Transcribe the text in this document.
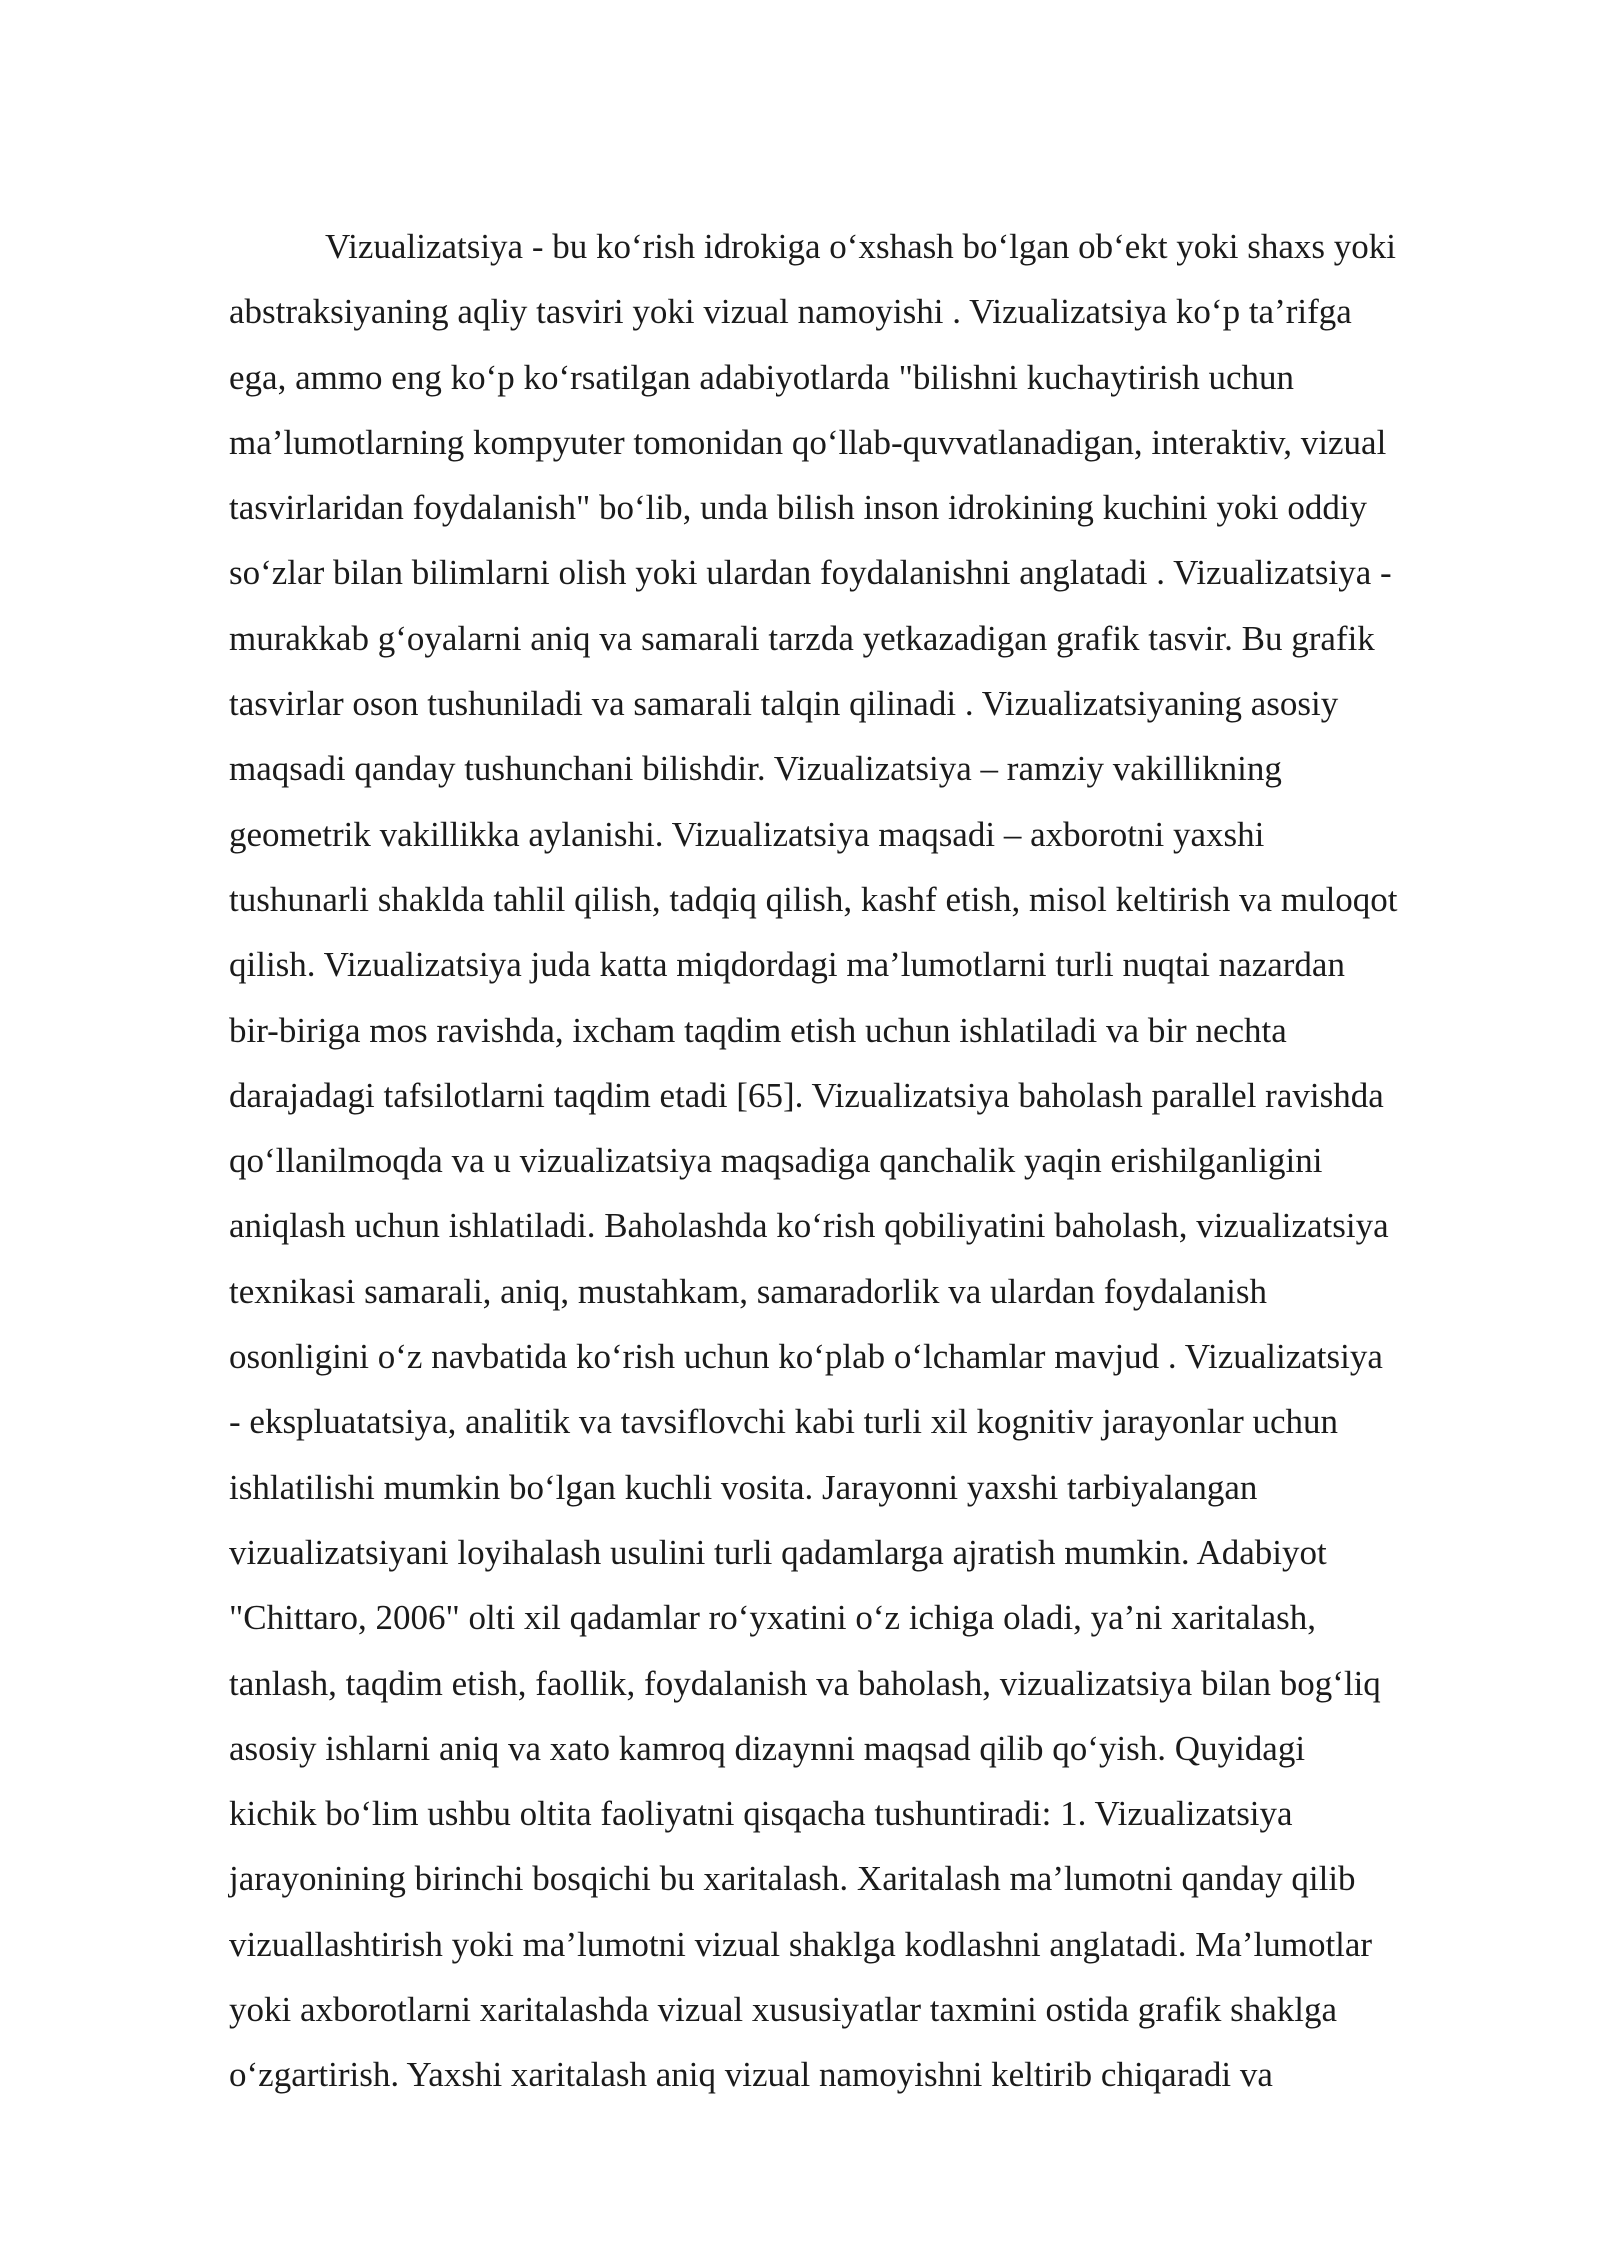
Vizualizatsiya - bu ko‘rish idrokiga o‘xshash bo‘lgan ob‘ekt yoki shaxs yoki
abstraksiyaning aqliy tasviri yoki vizual namoyishi . Vizualizatsiya ko‘p ta’rifga
ega, ammo eng ko‘p ko‘rsatilgan adabiyotlarda "bilishni kuchaytirish uchun
ma’lumotlarning kompyuter tomonidan qo‘llab-quvvatlanadigan, interaktiv, vizual
tasvirlaridan foydalanish" bo‘lib, unda bilish inson idrokining kuchini yoki oddiy
so‘zlar bilan bilimlarni olish yoki ulardan foydalanishni anglatadi . Vizualizatsiya -
murakkab g‘oyalarni aniq va samarali tarzda yetkazadigan grafik tasvir. Bu grafik
tasvirlar oson tushuniladi va samarali talqin qilinadi . Vizualizatsiyaning asosiy
maqsadi qanday tushunchani bilishdir. Vizualizatsiya – ramziy vakillikning
geometrik vakillikka aylanishi. Vizualizatsiya maqsadi – axborotni yaxshi
tushunarli shaklda tahlil qilish, tadqiq qilish, kashf etish, misol keltirish va muloqot
qilish. Vizualizatsiya juda katta miqdordagi ma’lumotlarni turli nuqtai nazardan
bir-biriga mos ravishda, ixcham taqdim etish uchun ishlatiladi va bir nechta
darajadagi tafsilotlarni taqdim etadi [65]. Vizualizatsiya baholash parallel ravishda
qo‘llanilmoqda va u vizualizatsiya maqsadiga qanchalik yaqin erishilganligini
aniqlash uchun ishlatiladi. Baholashda ko‘rish qobiliyatini baholash, vizualizatsiya
texnikasi samarali, aniq, mustahkam, samaradorlik va ulardan foydalanish
osonligini o‘z navbatida ko‘rish uchun ko‘plab o‘lchamlar mavjud . Vizualizatsiya
- ekspluatatsiya, analitik va tavsiflovchi kabi turli xil kognitiv jarayonlar uchun
ishlatilishi mumkin bo‘lgan kuchli vosita. Jarayonni yaxshi tarbiyalangan
vizualizatsiyani loyihalash usulini turli qadamlarga ajratish mumkin. Adabiyot
"Chittaro, 2006" olti xil qadamlar ro‘yxatini o‘z ichiga oladi, ya’ni xaritalash,
tanlash, taqdim etish, faollik, foydalanish va baholash, vizualizatsiya bilan bog‘liq
asosiy ishlarni aniq va xato kamroq dizaynni maqsad qilib qo‘yish. Quyidagi
kichik bo‘lim ushbu oltita faoliyatni qisqacha tushuntiradi: 1. Vizualizatsiya
jarayonining birinchi bosqichi bu xaritalash. Xaritalash ma’lumotni qanday qilib
vizuallashtirish yoki ma’lumotni vizual shaklga kodlashni anglatadi. Ma’lumotlar
yoki axborotlarni xaritalashda vizual xususiyatlar taxmini ostida grafik shaklga
o‘zgartirish. Yaxshi xaritalash aniq vizual namoyishni keltirib chiqaradi va
